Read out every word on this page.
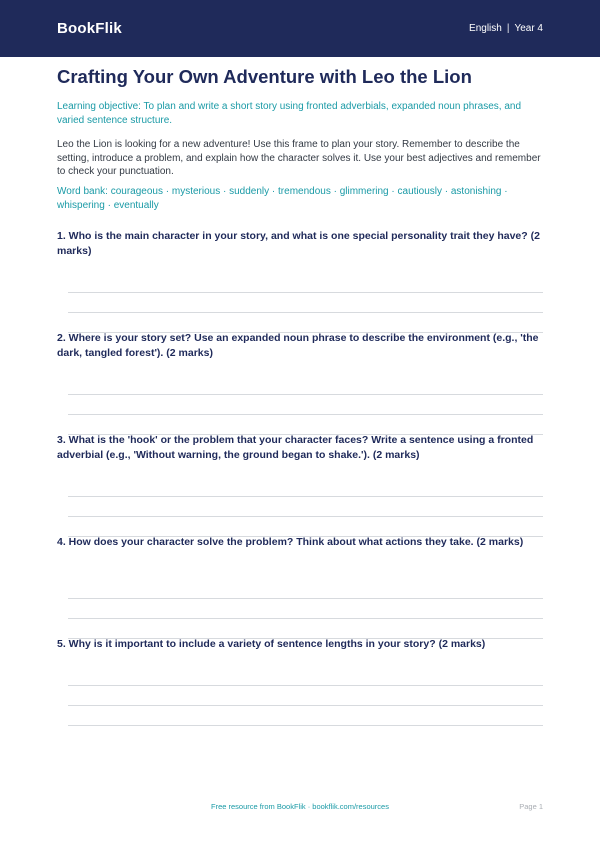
BookFlik	English | Year 4
Crafting Your Own Adventure with Leo the Lion

Learning objective: To plan and write a short story using fronted adverbials, expanded noun phrases, and varied sentence structure.

Leo the Lion is looking for a new adventure! Use this frame to plan your story. Remember to describe the setting, introduce a problem, and explain how the character solves it. Use your best adjectives and remember to check your punctuation.

Word bank: courageous · mysterious · suddenly · tremendous · glimmering · cautiously · astonishing · whispering · eventually

1. Who is the main character in your story, and what is one special personality trait they have? (2 marks)

2. Where is your story set? Use an expanded noun phrase to describe the environment (e.g., 'the dark, tangled forest'). (2 marks)

3. What is the 'hook' or the problem that your character faces? Write a sentence using a fronted adverbial (e.g., 'Without warning, the ground began to shake.'). (2 marks)

4. How does your character solve the problem? Think about what actions they take. (2 marks)

5. Why is it important to include a variety of sentence lengths in your story? (2 marks)

Free resource from BookFlik · bookflik.com/resources	Page 1
